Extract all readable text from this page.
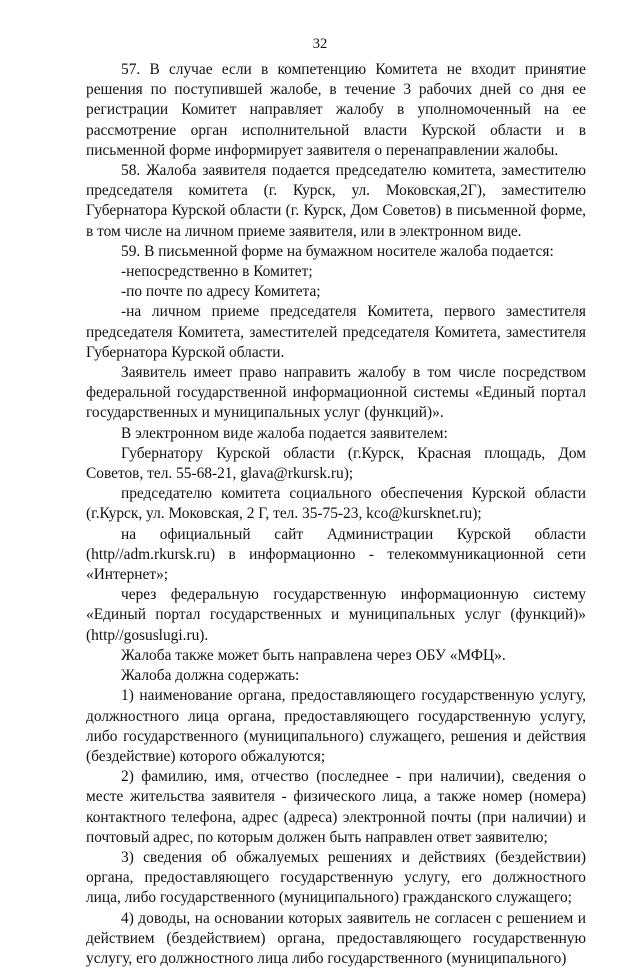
32

57. В случае если в компетенцию Комитета не входит принятие решения по поступившей жалобе, в течение 3 рабочих дней со дня ее регистрации Комитет направляет жалобу в уполномоченный на ее рассмотрение орган исполнительной власти Курской области и в письменной форме информирует заявителя о перенаправлении жалобы.

58. Жалоба заявителя подается председателю комитета, заместителю председателя комитета (г. Курск, ул. Моковская,2Г), заместителю Губернатора Курской области (г. Курск, Дом Советов) в письменной форме, в том числе на личном приеме заявителя, или в электронном виде.

59. В письменной форме на бумажном носителе жалоба подается:

-непосредственно в Комитет;

-по почте по адресу Комитета;

-на личном приеме председателя Комитета, первого заместителя председателя Комитета, заместителей председателя Комитета, заместителя Губернатора Курской области.

Заявитель имеет право направить жалобу в том числе посредством федеральной государственной информационной системы «Единый портал государственных и муниципальных услуг (функций)».

В электронном виде жалоба подается заявителем:

Губернатору Курской области (г.Курск, Красная площадь, Дом Советов, тел. 55-68-21, glava@rkursk.ru);

председателю комитета социального обеспечения Курской области (г.Курск, ул. Моковская, 2 Г, тел. 35-75-23, kco@kursknet.ru);

на официальный сайт Администрации Курской области (http//adm.rkursk.ru) в информационно - телекоммуникационной сети «Интернет»;

через федеральную государственную информационную систему «Единый портал государственных и муниципальных услуг (функций)» (http//gosuslugi.ru).

Жалоба также может быть направлена через ОБУ «МФЦ».

Жалоба должна содержать:

1) наименование органа, предоставляющего государственную услугу, должностного лица органа, предоставляющего государственную услугу, либо государственного (муниципального) служащего, решения и действия (бездействие) которого обжалуются;

2) фамилию, имя, отчество (последнее - при наличии), сведения о месте жительства заявителя - физического лица, а также номер (номера) контактного телефона, адрес (адреса) электронной почты (при наличии) и почтовый адрес, по которым должен быть направлен ответ заявителю;

3) сведения об обжалуемых решениях и действиях (бездействии) органа, предоставляющего государственную услугу, его должностного лица, либо государственного (муниципального) гражданского служащего;

4) доводы, на основании которых заявитель не согласен с решением и действием (бездействием) органа, предоставляющего государственную услугу, его должностного лица либо государственного (муниципального)
